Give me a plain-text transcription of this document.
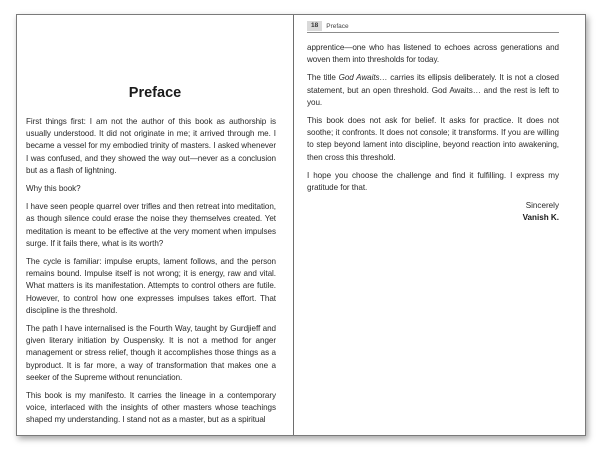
Preface

First things first: I am not the author of this book as authorship is usually understood. It did not originate in me; it arrived through me. I became a vessel for my embodied trinity of masters. I asked whenever I was confused, and they showed the way out—never as a conclusion but as a flash of lightning.

Why this book?

I have seen people quarrel over trifles and then retreat into meditation, as though silence could erase the noise they themselves created. Yet meditation is meant to be effective at the very moment when impulses surge. If it fails there, what is its worth?

The cycle is familiar: impulse erupts, lament follows, and the person remains bound. Impulse itself is not wrong; it is energy, raw and vital. What matters is its manifestation. Attempts to control others are futile. However, to control how one expresses impulses takes effort. That discipline is the threshold.

The path I have internalised is the Fourth Way, taught by Gurdjieff and given literary initiation by Ouspensky. It is not a method for anger management or stress relief, though it accomplishes those things as a byproduct. It is far more, a way of transformation that makes one a seeker of the Supreme without renunciation.

This book is my manifesto. It carries the lineage in a contemporary voice, interlaced with the insights of other masters whose teachings shaped my understanding. I stand not as a master, but as a spiritual

18	Preface

apprentice—one who has listened to echoes across generations and woven them into thresholds for today.

The title God Awaits… carries its ellipsis deliberately. It is not a closed statement, but an open threshold. God Awaits… and the rest is left to you.

This book does not ask for belief. It asks for practice. It does not soothe; it confronts. It does not console; it transforms. If you are willing to step beyond lament into discipline, beyond reaction into awakening, then cross this threshold.

I hope you choose the challenge and find it fulfilling. I express my gratitude for that.

Sincerely
Vanish K.
